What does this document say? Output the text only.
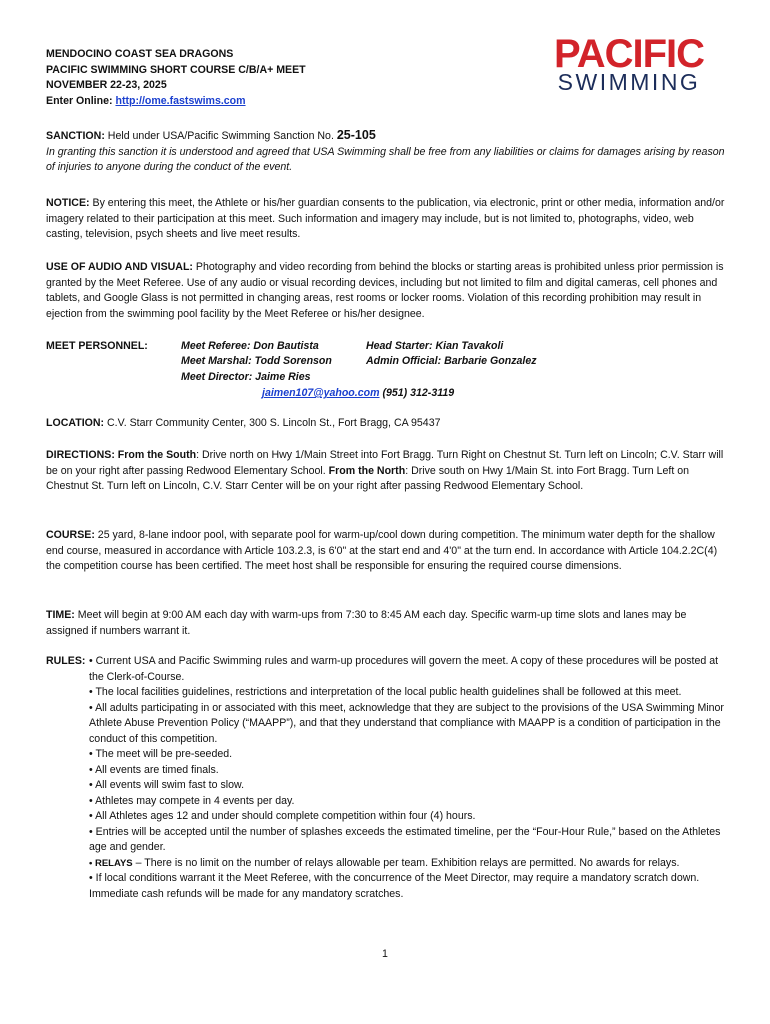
MENDOCINO COAST SEA DRAGONS
PACIFIC SWIMMING SHORT COURSE C/B/A+ MEET
NOVEMBER 22-23, 2025
Enter Online: http://ome.fastswims.com
PACIFIC
SWIMMING
SANCTION: Held under USA/Pacific Swimming Sanction No. 25-105
In granting this sanction it is understood and agreed that USA Swimming shall be free from any liabilities or claims for damages arising by reason of injuries to anyone during the conduct of the event.
NOTICE: By entering this meet, the Athlete or his/her guardian consents to the publication, via electronic, print or other media, information and/or imagery related to their participation at this meet. Such information and imagery may include, but is not limited to, photographs, video, web casting, television, psych sheets and live meet results.
USE OF AUDIO AND VISUAL: Photography and video recording from behind the blocks or starting areas is prohibited unless prior permission is granted by the Meet Referee. Use of any audio or visual recording devices, including but not limited to film and digital cameras, cell phones and tablets, and Google Glass is not permitted in changing areas, rest rooms or locker rooms. Violation of this recording prohibition may result in ejection from the swimming pool facility by the Meet Referee or his/her designee.
MEET PERSONNEL:	Meet Referee: Don Bautista	Head Starter: Kian Tavakoli
Meet Marshal: Todd Sorenson	Admin Official: Barbarie Gonzalez
Meet Director: Jaime Ries
jaimen107@yahoo.com (951) 312-3119
LOCATION: C.V. Starr Community Center, 300 S. Lincoln St., Fort Bragg, CA 95437
DIRECTIONS: From the South: Drive north on Hwy 1/Main Street into Fort Bragg. Turn Right on Chestnut St. Turn left on Lincoln; C.V. Starr will be on your right after passing Redwood Elementary School. From the North: Drive south on Hwy 1/Main St. into Fort Bragg. Turn Left on Chestnut St. Turn left on Lincoln, C.V. Starr Center will be on your right after passing Redwood Elementary School.
COURSE: 25 yard, 8-lane indoor pool, with separate pool for warm-up/cool down during competition. The minimum water depth for the shallow end course, measured in accordance with Article 103.2.3, is 6'0" at the start end and 4'0" at the turn end. In accordance with Article 104.2.2C(4) the competition course has been certified. The meet host shall be responsible for ensuring the required course dimensions.
TIME: Meet will begin at 9:00 AM each day with warm-ups from 7:30 to 8:45 AM each day. Specific warm-up time slots and lanes may be assigned if numbers warrant it.
RULES: • Current USA and Pacific Swimming rules and warm-up procedures will govern the meet. A copy of these procedures will be posted at the Clerk-of-Course.
• The local facilities guidelines, restrictions and interpretation of the local public health guidelines shall be followed at this meet.
• All adults participating in or associated with this meet, acknowledge that they are subject to the provisions of the USA Swimming Minor Athlete Abuse Prevention Policy (“MAAPP”), and that they understand that compliance with MAAPP is a condition of participation in the conduct of this competition.
• The meet will be pre-seeded.
• All events are timed finals.
• All events will swim fast to slow.
• Athletes may compete in 4 events per day.
• All Athletes ages 12 and under should complete competition within four (4) hours.
• Entries will be accepted until the number of splashes exceeds the estimated timeline, per the “Four-Hour Rule,” based on the Athletes age and gender.
• RELAYS – There is no limit on the number of relays allowable per team. Exhibition relays are permitted. No awards for relays.
• If local conditions warrant it the Meet Referee, with the concurrence of the Meet Director, may require a mandatory scratch down. Immediate cash refunds will be made for any mandatory scratches.
1
